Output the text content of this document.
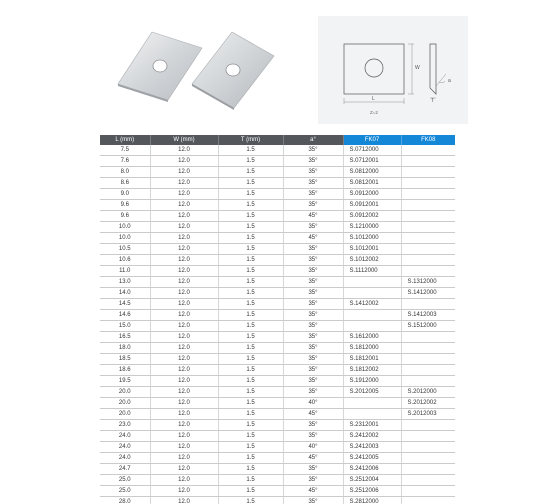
W
L	T
a
Z=2
L (mm)	W (mm)	T (mm)	a°	FK07	FK08
7.5	12.0	1.5	35°	S.0712000	
7.6	12.0	1.5	35°	S.0712001	
8.0	12.0	1.5	35°	S.0812000	
8.6	12.0	1.5	35°	S.0812001	
9.0	12.0	1.5	35°	S.0912000	
9.6	12.0	1.5	35°	S.0912001	
9.6	12.0	1.5	45°	S.0912002	
10.0	12.0	1.5	35°	S.1210000	
10.0	12.0	1.5	45°	S.1012000	
10.5	12.0	1.5	35°	S.1012001	
10.6	12.0	1.5	35°	S.1012002	
11.0	12.0	1.5	35°	S.1112000	
13.0	12.0	1.5	35°		S.1312000
14.0	12.0	1.5	35°		S.1412000
14.5	12.0	1.5	35°	S.1412002	
14.6	12.0	1.5	35°		S.1412003
15.0	12.0	1.5	35°		S.1512000
16.5	12.0	1.5	35°	S.1612000	
18.0	12.0	1.5	35°	S.1812000	
18.5	12.0	1.5	35°	S.1812001	
18.6	12.0	1.5	35°	S.1812002	
19.5	12.0	1.5	35°	S.1912000	
20.0	12.0	1.5	35°	S.2012005	S.2012000
20.0	12.0	1.5	40°		S.2012002
20.0	12.0	1.5	45°		S.2012003
23.0	12.0	1.5	35°	S.2312001	
24.0	12.0	1.5	35°	S.2412002	
24.0	12.0	1.5	40°	S.2412003	
24.0	12.0	1.5	45°	S.2412005	
24.7	12.0	1.5	35°	S.2412006	
25.0	12.0	1.5	35°	S.2512004	
25.0	12.0	1.5	45°	S.2512006	
28.0	12.0	1.5	35°	S.2812000	
